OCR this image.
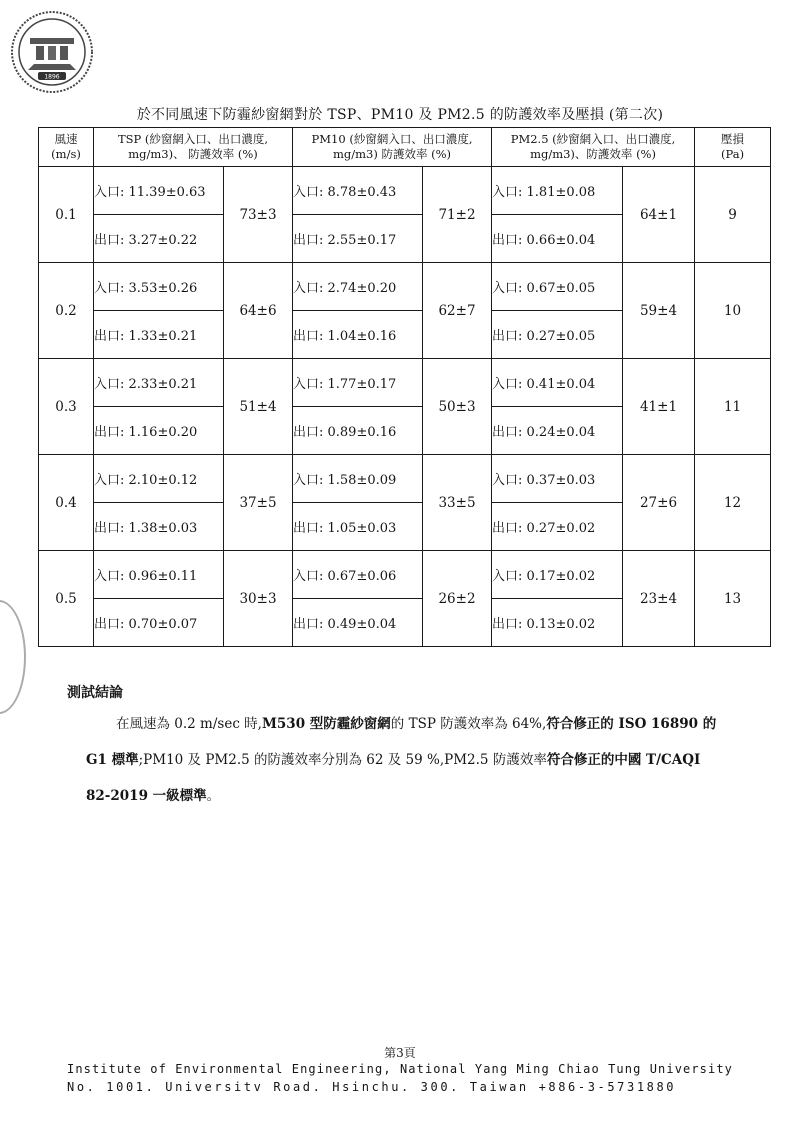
1896
於不同風速下防霾紗窗網對於 TSP、PM10 及 PM2.5 的防護效率及壓損 (第二次)
風速
(m/s)	TSP (紗窗網入口、出口濃度,
mg/m3)、 防護效率 (%)		PM10 (紗窗網入口、出口濃度,
mg/m3) 防護效率 (%)		PM2.5 (紗窗網入口、出口濃度,
mg/m3)、防護效率 (%)		壓損
(Pa)
0.1	入口: 11.39±0.63	73±3	入口: 8.78±0.43	71±2	入口: 1.81±0.08	64±1	9
	出口: 3.27±0.22		出口: 2.55±0.17		出口: 0.66±0.04		
0.2	入口: 3.53±0.26	64±6	入口: 2.74±0.20	62±7	入口: 0.67±0.05	59±4	10
	出口: 1.33±0.21		出口: 1.04±0.16		出口: 0.27±0.05		
0.3	入口: 2.33±0.21	51±4	入口: 1.77±0.17	50±3	入口: 0.41±0.04	41±1	11
	出口: 1.16±0.20		出口: 0.89±0.16		出口: 0.24±0.04		
0.4	入口: 2.10±0.12	37±5	入口: 1.58±0.09	33±5	入口: 0.37±0.03	27±6	12
	出口: 1.38±0.03		出口: 1.05±0.03		出口: 0.27±0.02		
0.5	入口: 0.96±0.11	30±3	入口: 0.67±0.06	26±2	入口: 0.17±0.02	23±4	13
	出口: 0.70±0.07		出口: 0.49±0.04		出口: 0.13±0.02		
測試結論

在風速為 0.2 m/sec 時,M530 型防霾紗窗網的 TSP 防護效率為 64%,符合修正的 ISO 16890 的 G1 標準;PM10 及 PM2.5 的防護效率分別為 62 及 59 %,PM2.5 防護效率符合修正的中國 T/CAQI 82-2019 一級標準。

第3頁
Institute of Environmental Engineering, National Yang Ming Chiao Tung University
No. 1001. Universitv Road. Hsinchu. 300. Taiwan +886-3-5731880
